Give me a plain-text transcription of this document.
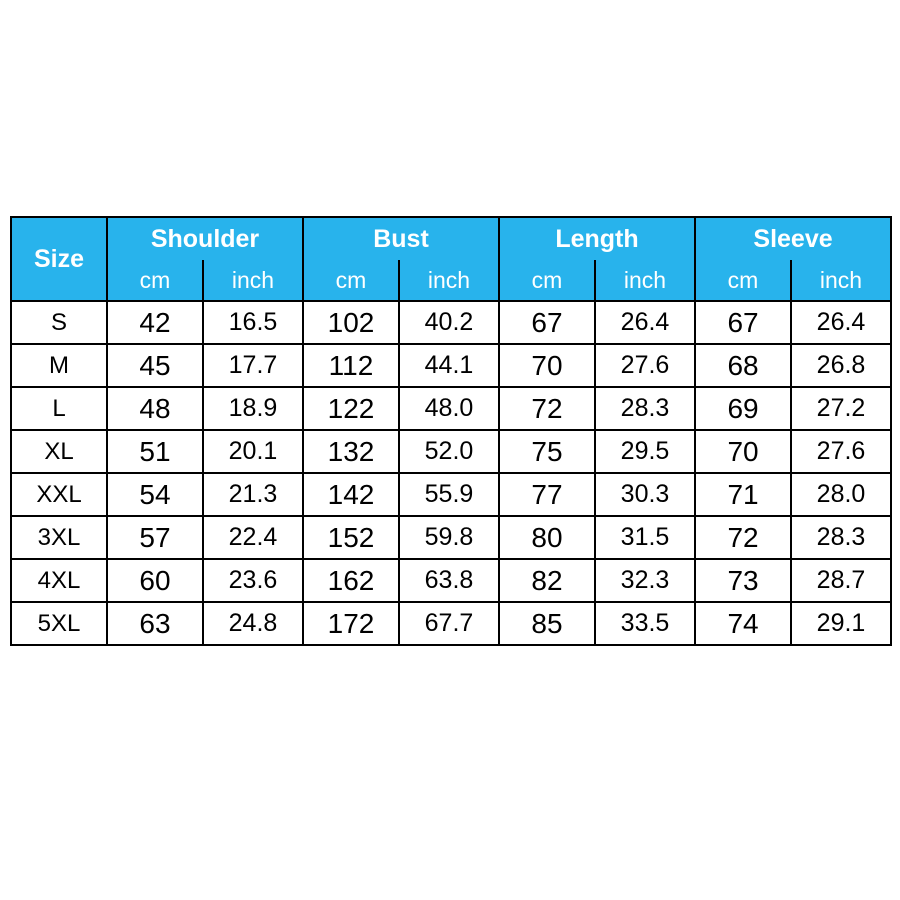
Size	Shoulder		Bust		Length		Sleeve	
	cm	inch	cm	inch	cm	inch	cm	inch
S	42	16.5	102	40.2	67	26.4	67	26.4
M	45	17.7	112	44.1	70	27.6	68	26.8
L	48	18.9	122	48.0	72	28.3	69	27.2
XL	51	20.1	132	52.0	75	29.5	70	27.6
XXL	54	21.3	142	55.9	77	30.3	71	28.0
3XL	57	22.4	152	59.8	80	31.5	72	28.3
4XL	60	23.6	162	63.8	82	32.3	73	28.7
5XL	63	24.8	172	67.7	85	33.5	74	29.1
